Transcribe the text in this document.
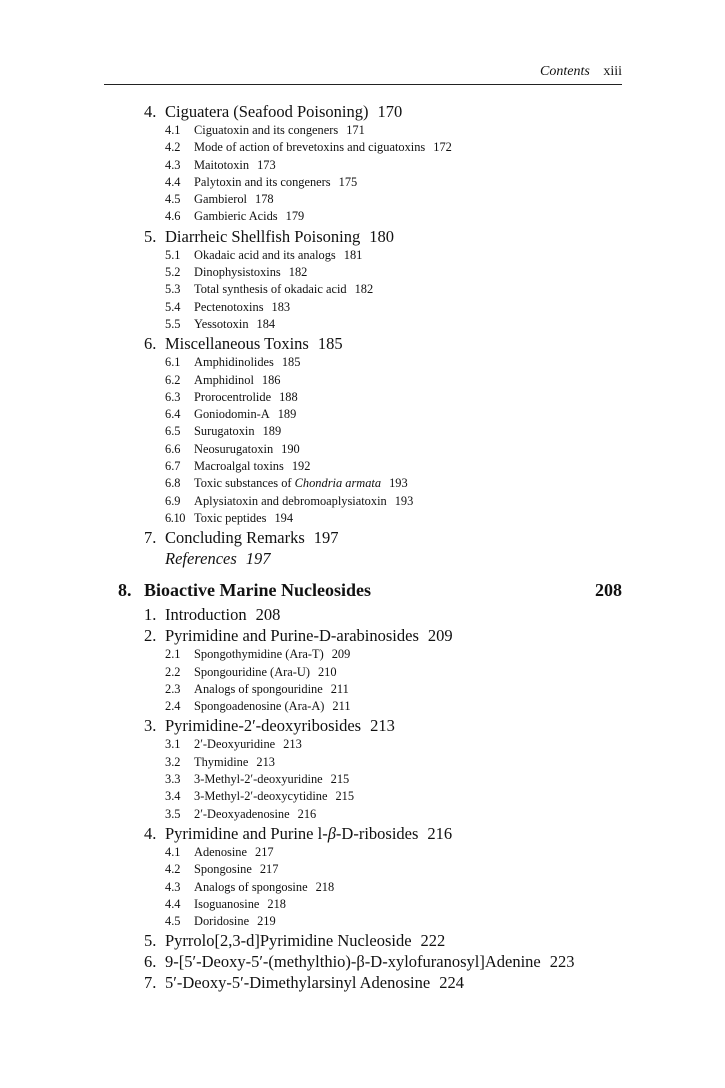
Contents xiii
4. Ciguatera (Seafood Poisoning) 170
4.1 Ciguatoxin and its congeners 171
4.2 Mode of action of brevetoxins and ciguatoxins 172
4.3 Maitotoxin 173
4.4 Palytoxin and its congeners 175
4.5 Gambierol 178
4.6 Gambieric Acids 179
5. Diarrheic Shellfish Poisoning 180
5.1 Okadaic acid and its analogs 181
5.2 Dinophysistoxins 182
5.3 Total synthesis of okadaic acid 182
5.4 Pectenotoxins 183
5.5 Yessotoxin 184
6. Miscellaneous Toxins 185
6.1 Amphidinolides 185
6.2 Amphidinol 186
6.3 Prorocentrolide 188
6.4 Goniodomin-A 189
6.5 Surugatoxin 189
6.6 Neosurugatoxin 190
6.7 Macroalgal toxins 192
6.8 Toxic substances of Chondria armata 193
6.9 Aplysiatoxin and debromoaplysiatoxin 193
6.10 Toxic peptides 194
7. Concluding Remarks 197
References 197
8. Bioactive Marine Nucleosides	208
1. Introduction 208
2. Pyrimidine and Purine-D-arabinosides 209
2.1 Spongothymidine (Ara-T) 209
2.2 Spongouridine (Ara-U) 210
2.3 Analogs of spongouridine 211
2.4 Spongoadenosine (Ara-A) 211
3. Pyrimidine-2′-deoxyribosides 213
3.1 2′-Deoxyuridine 213
3.2 Thymidine 213
3.3 3-Methyl-2′-deoxyuridine 215
3.4 3-Methyl-2′-deoxycytidine 215
3.5 2′-Deoxyadenosine 216
4. Pyrimidine and Purine l-β-D-ribosides 216
4.1 Adenosine 217
4.2 Spongosine 217
4.3 Analogs of spongosine 218
4.4 Isoguanosine 218
4.5 Doridosine 219
5. Pyrrolo[2,3-d]Pyrimidine Nucleoside 222
6. 9-[5′-Deoxy-5′-(methylthio)-β-D-xylofuranosyl]Adenine 223
7. 5′-Deoxy-5′-Dimethylarsinyl Adenosine 224
